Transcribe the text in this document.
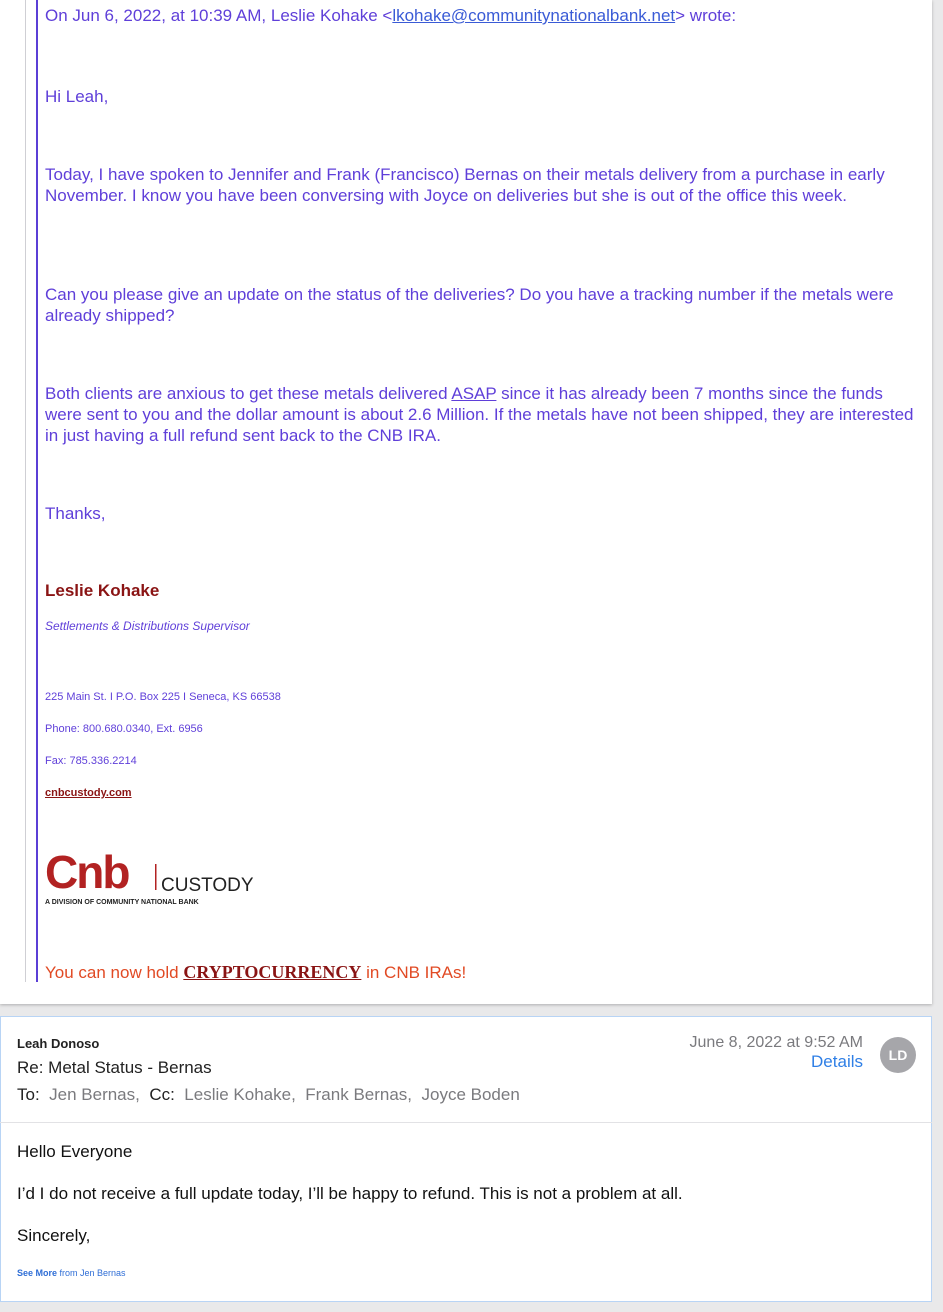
On Jun 6, 2022, at 10:39 AM, Leslie Kohake <lkohake@communitynationalbank.net> wrote:

Hi Leah,

Today, I have spoken to Jennifer and Frank (Francisco) Bernas on their metals delivery from a purchase in early November. I know you have been conversing with Joyce on deliveries but she is out of the office this week.

Can you please give an update on the status of the deliveries? Do you have a tracking number if the metals were already shipped?

Both clients are anxious to get these metals delivered ASAP since it has already been 7 months since the funds were sent to you and the dollar amount is about 2.6 Million. If the metals have not been shipped, they are interested in just having a full refund sent back to the CNB IRA.

Thanks,

Leslie Kohake
Settlements & Distributions Supervisor
225 Main St. I P.O. Box 225 I Seneca, KS 66538
Phone: 800.680.0340, Ext. 6956
Fax: 785.336.2214
cnbcustody.com
Cnb CUSTODY
A DIVISION OF COMMUNITY NATIONAL BANK
You can now hold CRYPTOCURRENCY in CNB IRAs!
Leah Donoso
Re: Metal Status - Bernas
To: Jen Bernas, Cc: Leslie Kohake, Frank Bernas, Joyce Boden
June 8, 2022 at 9:52 AM
Details	LD
Hello Everyone
I’d I do not receive a full update today, I’ll be happy to refund. This is not a problem at all.
Sincerely,
See More from Jen Bernas
